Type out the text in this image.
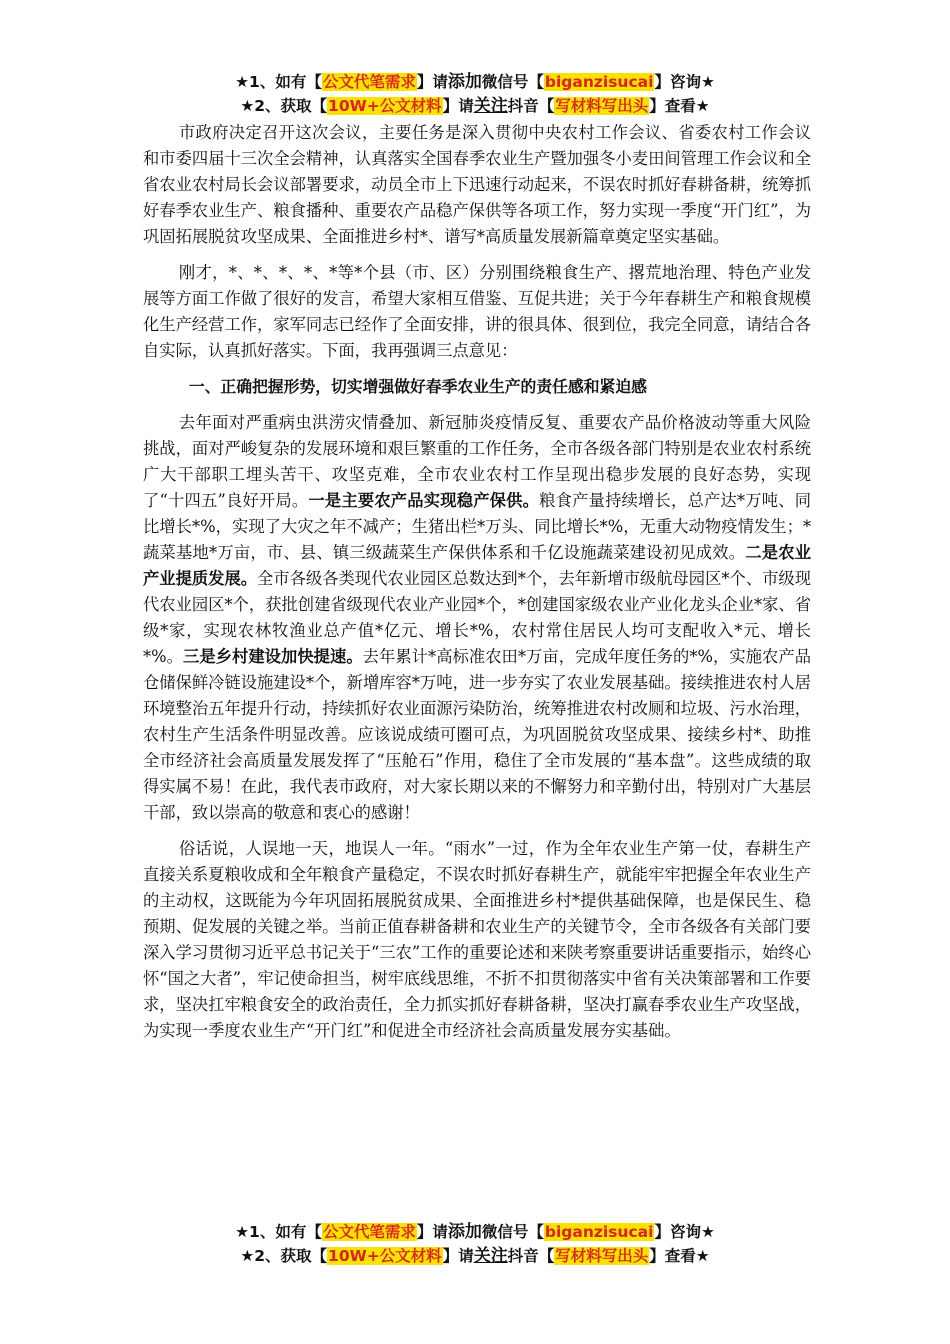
★1、如有【公文代笔需求】请添加微信号【biganzisucai】咨询★
★2、获取【10W+公文材料】请关注抖音【写材料写出头】查看★

市政府决定召开这次会议，主要任务是深入贯彻中央农村工作会议、省委农村工作会议和市委四届十三次全会精神，认真落实全国春季农业生产暨加强冬小麦田间管理工作会议和全省农业农村局长会议部署要求，动员全市上下迅速行动起来，不误农时抓好春耕备耕，统筹抓好春季农业生产、粮食播种、重要农产品稳产保供等各项工作，努力实现一季度“开门红”，为巩固拓展脱贫攻坚成果、全面推进乡村*、谱写*高质量发展新篇章奠定坚实基础。

刚才，*、*、*、*、*等*个县（市、区）分别围绕粮食生产、撂荒地治理、特色产业发展等方面工作做了很好的发言，希望大家相互借鉴、互促共进；关于今年春耕生产和粮食规模化生产经营工作，家军同志已经作了全面安排，讲的很具体、很到位，我完全同意，请结合各自实际，认真抓好落实。下面，我再强调三点意见：

一、正确把握形势，切实增强做好春季农业生产的责任感和紧迫感

去年面对严重病虫洪涝灾情叠加、新冠肺炎疫情反复、重要农产品价格波动等重大风险挑战，面对严峻复杂的发展环境和艰巨繁重的工作任务，全市各级各部门特别是农业农村系统广大干部职工埋头苦干、攻坚克难，全市农业农村工作呈现出稳步发展的良好态势，实现了“十四五”良好开局。一是主要农产品实现稳产保供。粮食产量持续增长，总产达*万吨、同比增长*%，实现了大灾之年不减产；生猪出栏*万头、同比增长*%，无重大动物疫情发生；*蔬菜基地*万亩，市、县、镇三级蔬菜生产保供体系和千亿设施蔬菜建设初见成效。二是农业产业提质发展。全市各级各类现代农业园区总数达到*个，去年新增市级航母园区*个、市级现代农业园区*个，获批创建省级现代农业产业园*个，*创建国家级农业产业化龙头企业*家、省级*家，实现农林牧渔业总产值*亿元、增长*%，农村常住居民人均可支配收入*元、增长*%。三是乡村建设加快提速。去年累计*高标准农田*万亩，完成年度任务的*%，实施农产品仓储保鲜冷链设施建设*个，新增库容*万吨，进一步夯实了农业发展基础。接续推进农村人居环境整治五年提升行动，持续抓好农业面源污染防治，统筹推进农村改厕和垃圾、污水治理，农村生产生活条件明显改善。应该说成绩可圈可点，为巩固脱贫攻坚成果、接续乡村*、助推全市经济社会高质量发展发挥了“压舱石”作用，稳住了全市发展的“基本盘”。这些成绩的取得实属不易！在此，我代表市政府，对大家长期以来的不懈努力和辛勤付出，特别对广大基层干部，致以崇高的敬意和衷心的感谢！

俗话说，人误地一天，地误人一年。“雨水”一过，作为全年农业生产第一仗，春耕生产直接关系夏粮收成和全年粮食产量稳定，不误农时抓好春耕生产，就能牢牢把握全年农业生产的主动权，这既能为今年巩固拓展脱贫成果、全面推进乡村*提供基础保障，也是保民生、稳预期、促发展的关键之举。当前正值春耕备耕和农业生产的关键节令，全市各级各有关部门要深入学习贯彻习近平总书记关于“三农”工作的重要论述和来陕考察重要讲话重要指示，始终心怀“国之大者”，牢记使命担当，树牢底线思维，不折不扣贯彻落实中省有关决策部署和工作要求，坚决扛牢粮食安全的政治责任，全力抓实抓好春耕备耕，坚决打赢春季农业生产攻坚战，为实现一季度农业生产“开门红”和促进全市经济社会高质量发展夯实基础。

★1、如有【公文代笔需求】请添加微信号【biganzisucai】咨询★
★2、获取【10W+公文材料】请关注抖音【写材料写出头】查看★
